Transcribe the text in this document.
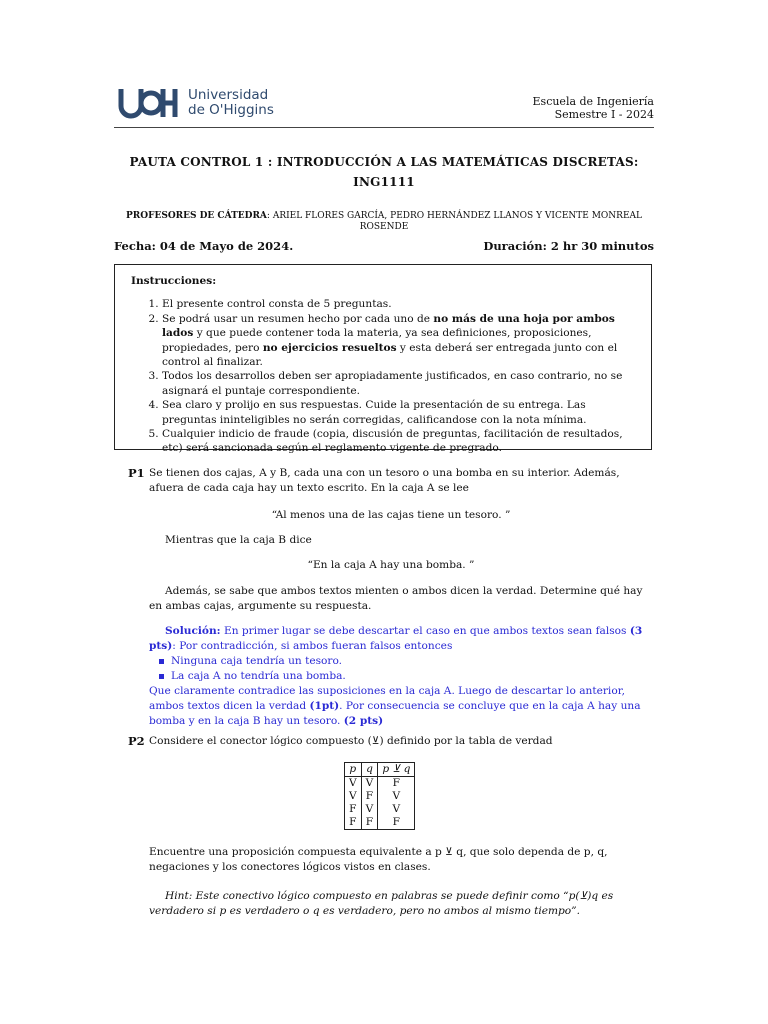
Universidad
de O'Higgins
Escuela de Ingeniería
Semestre I - 2024
PAUTA CONTROL 1 : INTRODUCCIÓN A LAS MATEMÁTICAS DISCRETAS:
ING1111
PROFESORES DE CÁTEDRA: ARIEL FLORES GARCÍA, PEDRO HERNÁNDEZ LLANOS Y VICENTE MONREAL ROSENDE
Fecha: 04 de Mayo de 2024.	Duración: 2 hr 30 minutos
Instrucciones:
1. El presente control consta de 5 preguntas.
2. Se podrá usar un resumen hecho por cada uno de no más de una hoja por ambos lados y que puede contener toda la materia, ya sea definiciones, proposiciones, propiedades, pero no ejercicios resueltos y esta deberá ser entregada junto con el control al finalizar.
3. Todos los desarrollos deben ser apropiadamente justificados, en caso contrario, no se asignará el puntaje correspondiente.
4. Sea claro y prolijo en sus respuestas. Cuide la presentación de su entrega. Las preguntas ininteligibles no serán corregidas, calificandose con la nota mínima.
5. Cualquier indicio de fraude (copia, discusión de preguntas, facilitación de resultados, etc) será sancionada según el reglamento vigente de pregrado.
P1 Se tienen dos cajas, A y B, cada una con un tesoro o una bomba en su interior. Además, afuera de cada caja hay un texto escrito. En la caja A se lee
“Al menos una de las cajas tiene un tesoro. ”
Mientras que la caja B dice
“En la caja A hay una bomba. ”
Además, se sabe que ambos textos mienten o ambos dicen la verdad. Determine qué hay en ambas cajas, argumente su respuesta.
Solución: En primer lugar se debe descartar el caso en que ambos textos sean falsos (3 pts): Por contradicción, si ambos fueran falsos entonces
Ninguna caja tendría un tesoro.
La caja A no tendría una bomba.
Que claramente contradice las suposiciones en la caja A. Luego de descartar lo anterior, ambos textos dicen la verdad (1pt). Por consecuencia se concluye que en la caja A hay una bomba y en la caja B hay un tesoro. (2 pts)
P2 Considere el conector lógico compuesto (⊻) definido por la tabla de verdad
p	q	p ⊻ q
V	V	F
V	F	V
F	V	V
F	F	F
Encuentre una proposición compuesta equivalente a p ⊻ q, que solo dependa de p, q, negaciones y los conectores lógicos vistos en clases.
Hint: Este conectivo lógico compuesto en palabras se puede definir como “p(⊻)q es verdadero si p es verdadero o q es verdadero, pero no ambos al mismo tiempo”.
